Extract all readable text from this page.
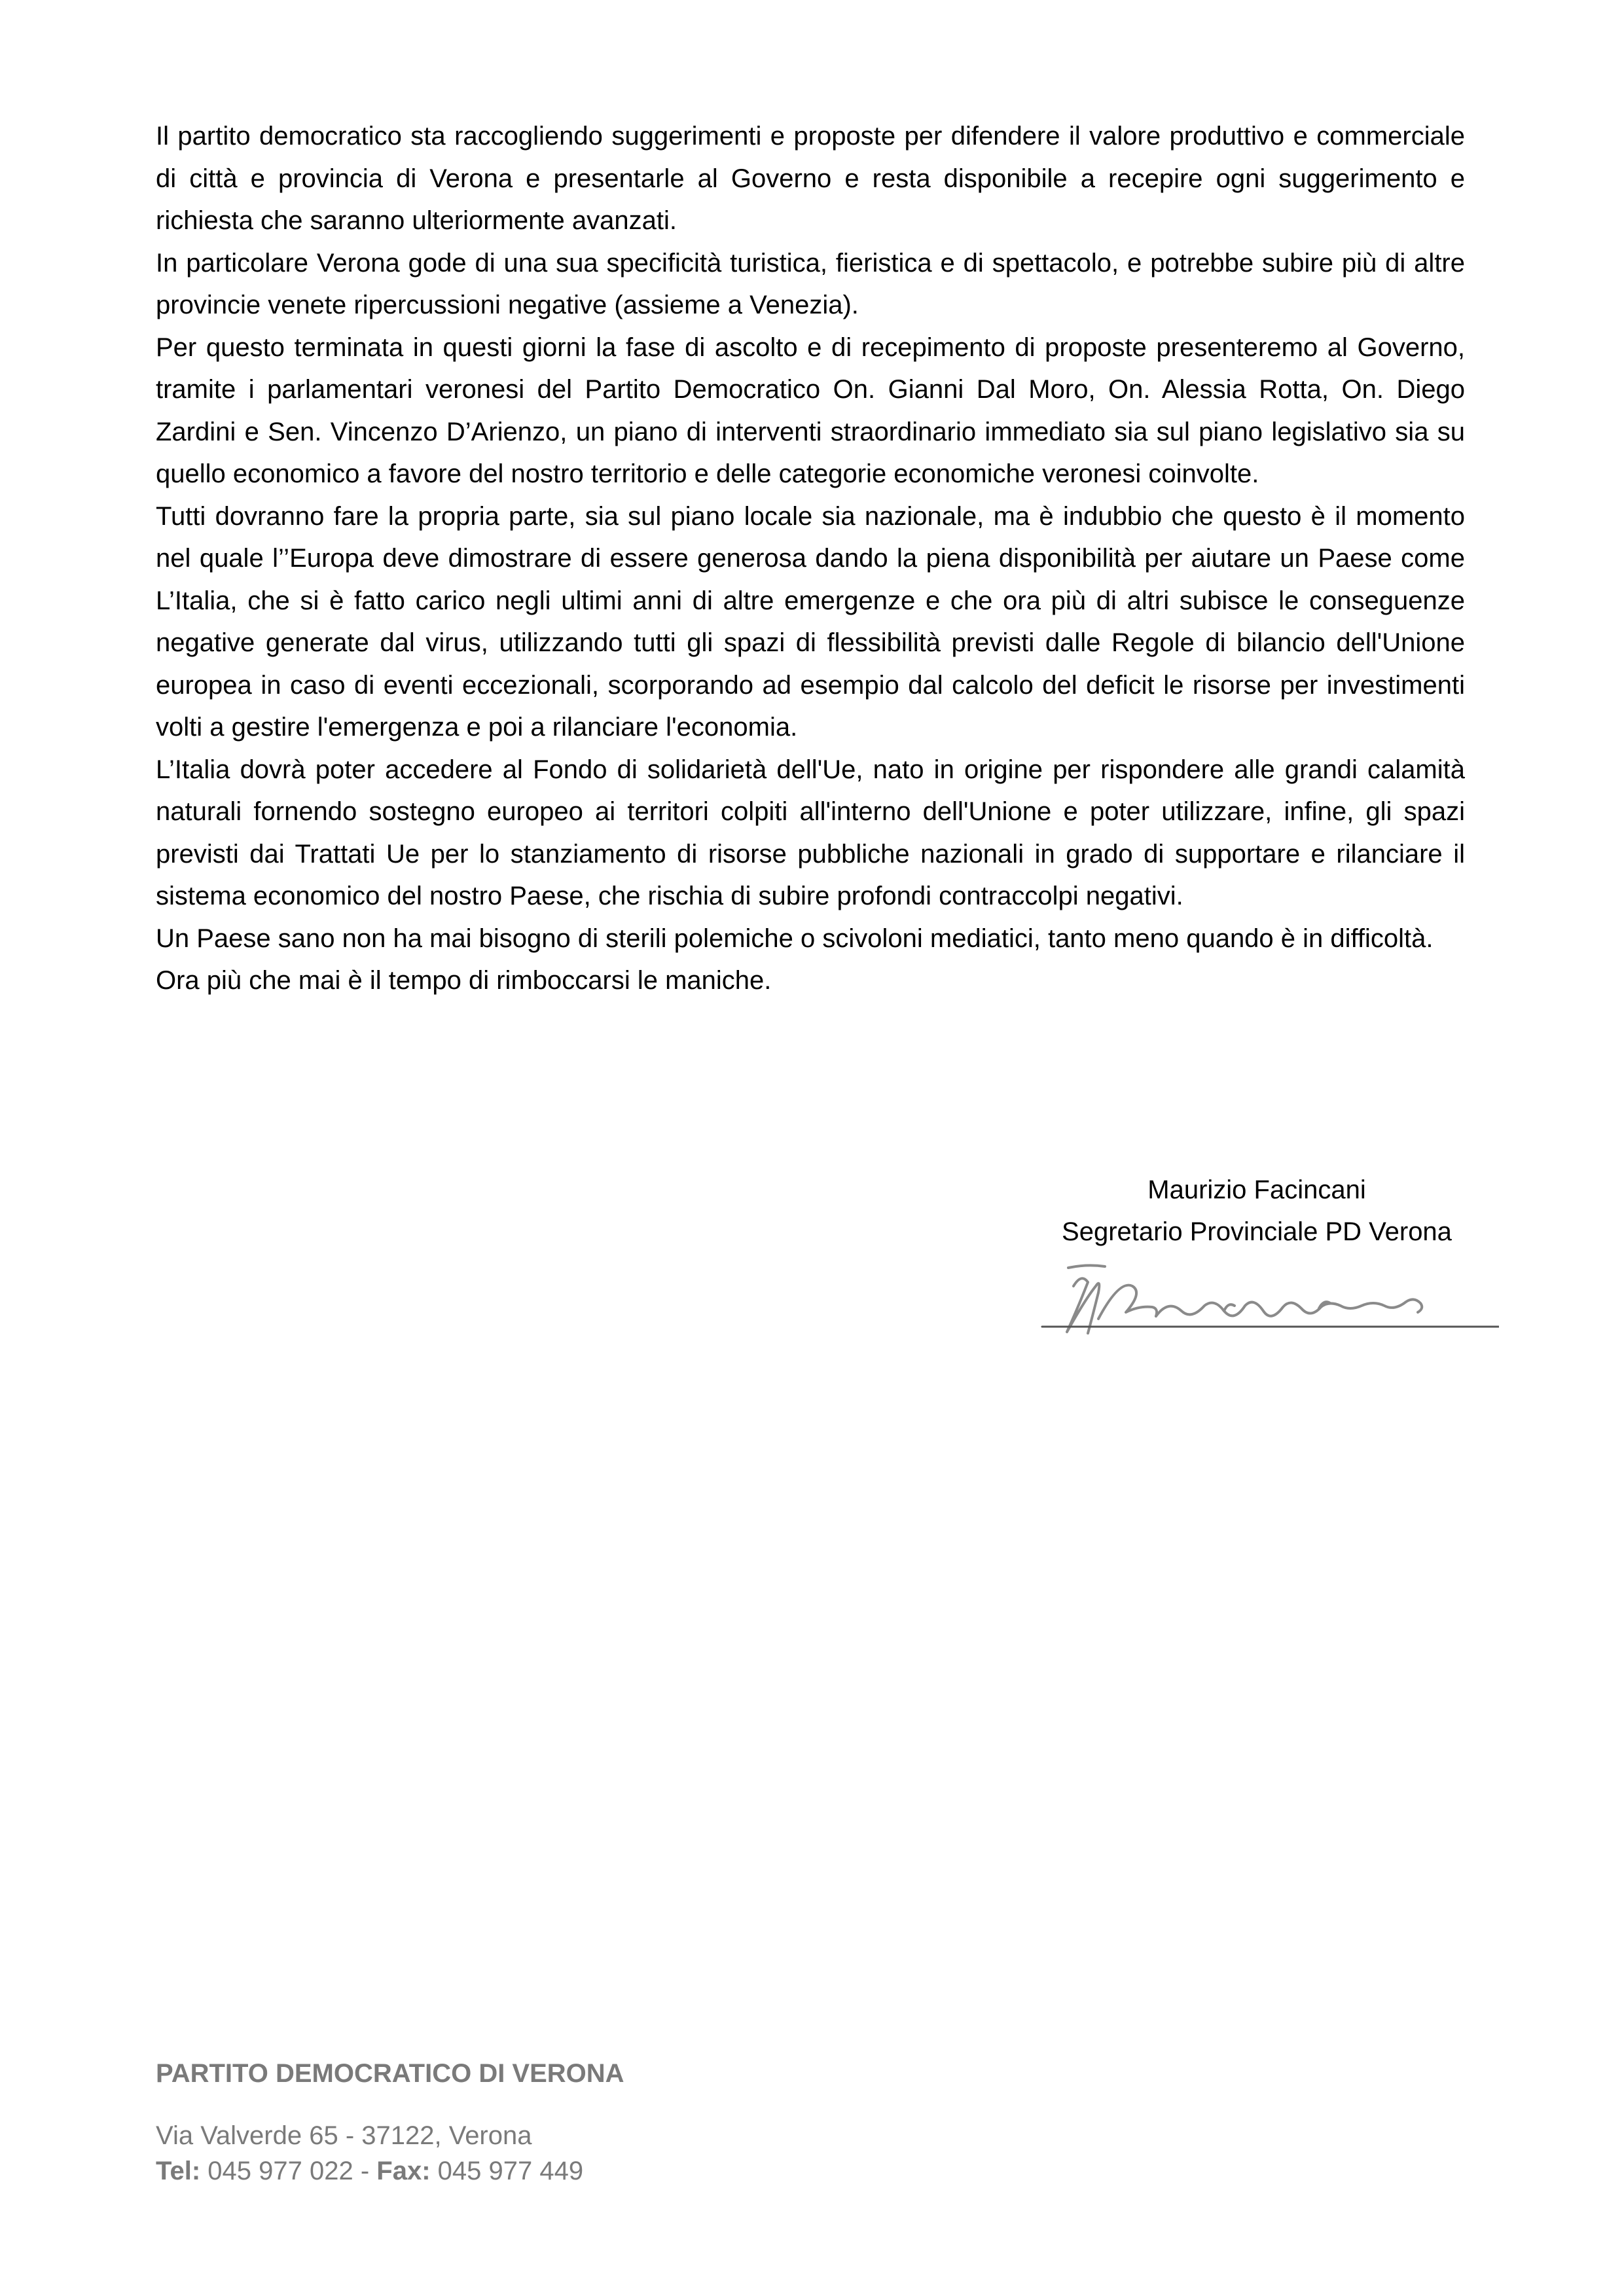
Il partito democratico sta raccogliendo suggerimenti e proposte per difendere il valore produttivo e commerciale di città e provincia di Verona e presentarle al Governo e resta disponibile a recepire ogni suggerimento e richiesta che saranno ulteriormente avanzati.

In particolare Verona gode di una sua specificità turistica, fieristica e di spettacolo, e potrebbe subire più di altre provincie venete ripercussioni negative (assieme a Venezia).

Per questo terminata in questi giorni la fase di ascolto e di recepimento di proposte presenteremo al Governo, tramite i parlamentari veronesi del Partito Democratico On. Gianni Dal Moro, On. Alessia Rotta, On. Diego Zardini e Sen. Vincenzo D’Arienzo, un piano di interventi straordinario immediato sia sul piano legislativo sia su quello economico a favore del nostro territorio e delle categorie economiche veronesi coinvolte.

Tutti dovranno fare la propria parte, sia sul piano locale sia nazionale, ma è indubbio che questo è il momento nel quale l’’Europa deve dimostrare di essere generosa dando la piena disponibilità per aiutare un Paese come L’Italia, che si è fatto carico negli ultimi anni di altre emergenze e che ora più di altri subisce le conseguenze negative generate dal virus, utilizzando tutti gli spazi di flessibilità previsti dalle Regole di bilancio dell'Unione europea in caso di eventi eccezionali, scorporando ad esempio dal calcolo del deficit le risorse per investimenti volti a gestire l'emergenza e poi a rilanciare l'economia.

L’Italia dovrà poter accedere al Fondo di solidarietà dell'Ue, nato in origine per rispondere alle grandi calamità naturali fornendo sostegno europeo ai territori colpiti all'interno dell'Unione e poter utilizzare, infine, gli spazi previsti dai Trattati Ue per lo stanziamento di risorse pubbliche nazionali in grado di supportare e rilanciare il sistema economico del nostro Paese, che rischia di subire profondi contraccolpi negativi.

Un Paese sano non ha mai bisogno di sterili polemiche o scivoloni mediatici, tanto meno quando è in difficoltà.

Ora più che mai è il tempo di rimboccarsi le maniche.

Maurizio Facincani
Segretario Provinciale PD Verona

PARTITO DEMOCRATICO DI VERONA

Via Valverde 65 - 37122, Verona

Tel: 045 977 022 - Fax: 045 977 449
